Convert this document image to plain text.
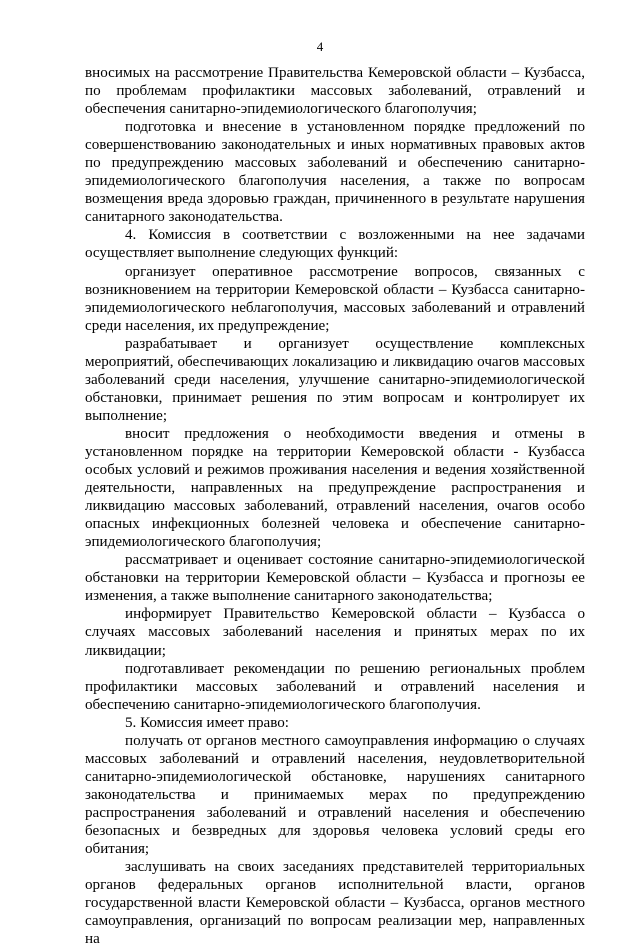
4

вносимых на рассмотрение Правительства Кемеровской области – Кузбасса, по проблемам профилактики массовых заболеваний, отравлений и обеспечения санитарно-эпидемиологического благополучия;

подготовка и внесение в установленном порядке предложений по совершенствованию законодательных и иных нормативных правовых актов по предупреждению массовых заболеваний и обеспечению санитарно-эпидемиологического благополучия населения, а также по вопросам возмещения вреда здоровью граждан, причиненного в результате нарушения санитарного законодательства.

4. Комиссия в соответствии с возложенными на нее задачами осуществляет выполнение следующих функций:

организует оперативное рассмотрение вопросов, связанных с возникновением на территории Кемеровской области – Кузбасса санитарно-эпидемиологического неблагополучия, массовых заболеваний и отравлений среди населения, их предупреждение;

разрабатывает и организует осуществление комплексных мероприятий, обеспечивающих локализацию и ликвидацию очагов массовых заболеваний среди населения, улучшение санитарно-эпидемиологической обстановки, принимает решения по этим вопросам и контролирует их выполнение;

вносит предложения о необходимости введения и отмены в установленном порядке на территории Кемеровской области - Кузбасса особых условий и режимов проживания населения и ведения хозяйственной деятельности, направленных на предупреждение распространения и ликвидацию массовых заболеваний, отравлений населения, очагов особо опасных инфекционных болезней человека и обеспечение санитарно-эпидемиологического благополучия;

рассматривает и оценивает состояние санитарно-эпидемиологической обстановки на территории Кемеровской области – Кузбасса и прогнозы ее изменения, а также выполнение санитарного законодательства;

информирует Правительство Кемеровской области – Кузбасса о случаях массовых заболеваний населения и принятых мерах по их ликвидации;

подготавливает рекомендации по решению региональных проблем профилактики массовых заболеваний и отравлений населения и обеспечению санитарно-эпидемиологического благополучия.

5. Комиссия имеет право:

получать от органов местного самоуправления информацию о случаях массовых заболеваний и отравлений населения, неудовлетворительной санитарно-эпидемиологической обстановке, нарушениях санитарного законодательства и принимаемых мерах по предупреждению распространения заболеваний и отравлений населения и обеспечению безопасных и безвредных для здоровья человека условий среды его обитания;

заслушивать на своих заседаниях представителей территориальных органов федеральных органов исполнительной власти, органов государственной власти Кемеровской области – Кузбасса, органов местного самоуправления, организаций по вопросам реализации мер, направленных на
